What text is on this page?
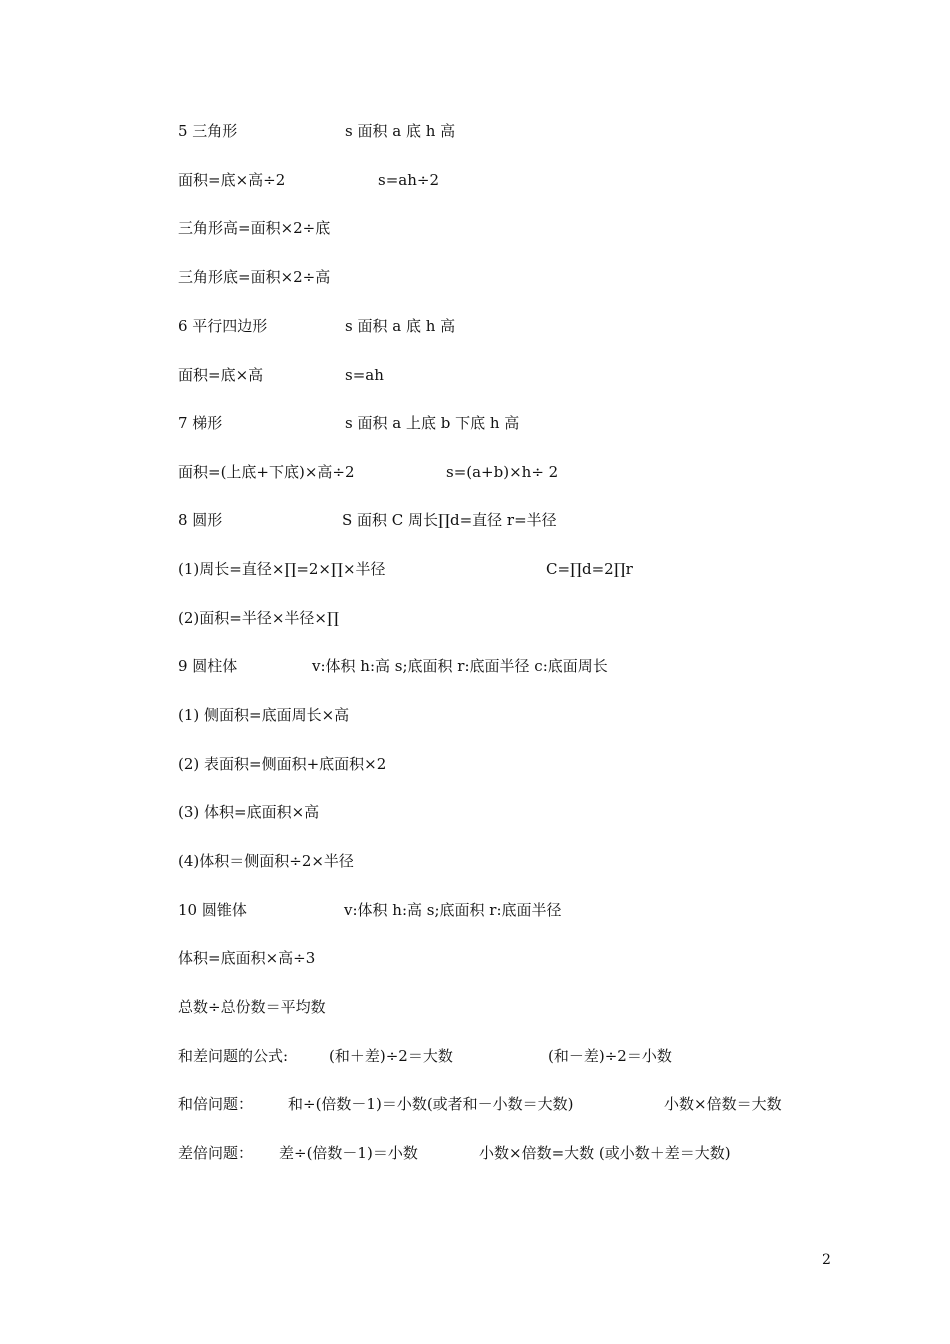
5 三角形	s 面积 a 底 h 高
面积=底×高÷2	s=ah÷2
三角形高=面积×2÷底
三角形底=面积×2÷高
6 平行四边形	s 面积 a 底 h 高
面积=底×高	s=ah
7 梯形	s 面积 a 上底 b 下底 h 高
面积=(上底+下底)×高÷2	s=(a+b)×h÷ 2
8 圆形	S 面积 C 周长∏d=直径 r=半径
(1)周长=直径×∏=2×∏×半径	C=∏d=2∏r
(2)面积=半径×半径×∏
9 圆柱体	v:体积 h:高 s;底面积 r:底面半径 c:底面周长
(1) 侧面积=底面周长×高
(2) 表面积=侧面积+底面积×2
(3) 体积=底面积×高
(4)体积＝侧面积÷2×半径
10 圆锥体	v:体积 h:高 s;底面积 r:底面半径
体积=底面积×高÷3
总数÷总份数＝平均数
和差问题的公式:	(和＋差)÷2＝大数	(和－差)÷2＝小数
和倍问题： 和÷(倍数－1)＝小数(或者和－小数＝大数)	小数×倍数＝大数
差倍问题： 差÷(倍数－1)＝小数	小数×倍数=大数 (或小数＋差＝大数)
2
